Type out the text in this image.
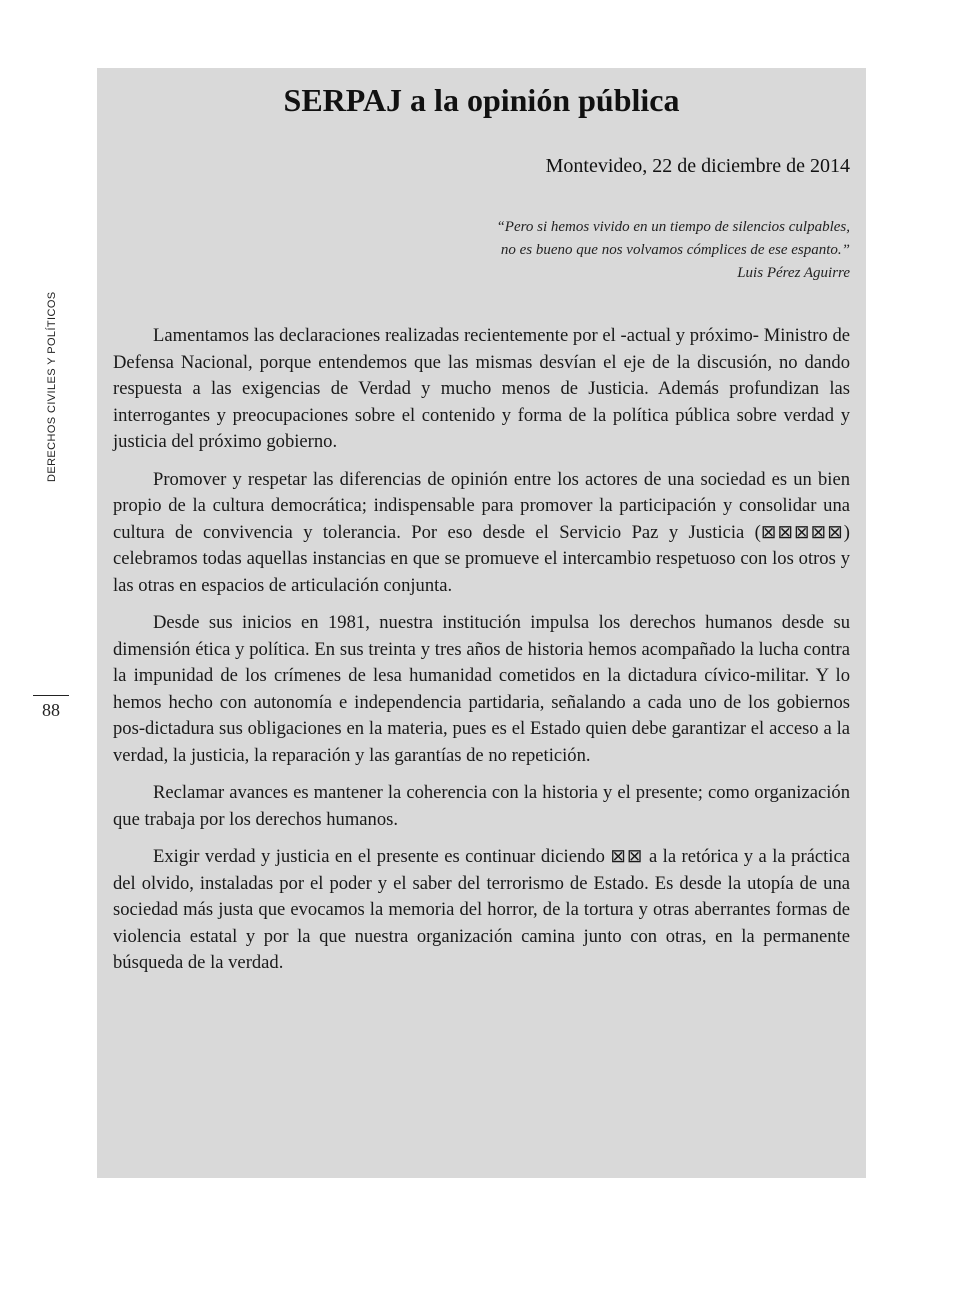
DERECHOS CIVILES Y POLÍTICOS
88
SERPAJ a la opinión pública
Montevideo, 22 de diciembre de 2014
“Pero si hemos vivido en un tiempo de silencios culpables,
no es bueno que nos volvamos cómplices de ese espanto.”
Luis Pérez Aguirre

Lamentamos las declaraciones realizadas recientemente por el -actual y próximo- Ministro de Defensa Nacional, porque entendemos que las mismas desvían el eje de la discusión, no dando respuesta a las exigencias de Verdad y mucho menos de Justicia. Además profundizan las interrogantes y preocupaciones sobre el contenido y forma de la política pública sobre verdad y justicia del próximo gobierno.

Promover y respetar las diferencias de opinión entre los actores de una sociedad es un bien propio de la cultura democrática; indispensable para promover la participación y consolidar una cultura de convivencia y tolerancia. Por eso desde el Servicio Paz y Justicia (⊠⊠⊠⊠⊠) celebramos todas aquellas instancias en que se promueve el intercambio respetuoso con los otros y las otras en espacios de articulación conjunta.

Desde sus inicios en 1981, nuestra institución impulsa los derechos humanos desde su dimensión ética y política. En sus treinta y tres años de historia hemos acompañado la lucha contra la impunidad de los crímenes de lesa humanidad cometidos en la dictadura cívico-militar. Y lo hemos hecho con autonomía e independencia partidaria, señalando a cada uno de los gobiernos pos-dictadura sus obligaciones en la materia, pues es el Estado quien debe garantizar el acceso a la verdad, la justicia, la reparación y las garantías de no repetición.

Reclamar avances es mantener la coherencia con la historia y el presente; como organización que trabaja por los derechos humanos.

Exigir verdad y justicia en el presente es continuar diciendo ⊠⊠ a la retórica y a la práctica del olvido, instaladas por el poder y el saber del terrorismo de Estado. Es desde la utopía de una sociedad más justa que evocamos la memoria del horror, de la tortura y otras aberrantes formas de violencia estatal y por la que nuestra organización camina junto con otras, en la permanente búsqueda de la verdad.
